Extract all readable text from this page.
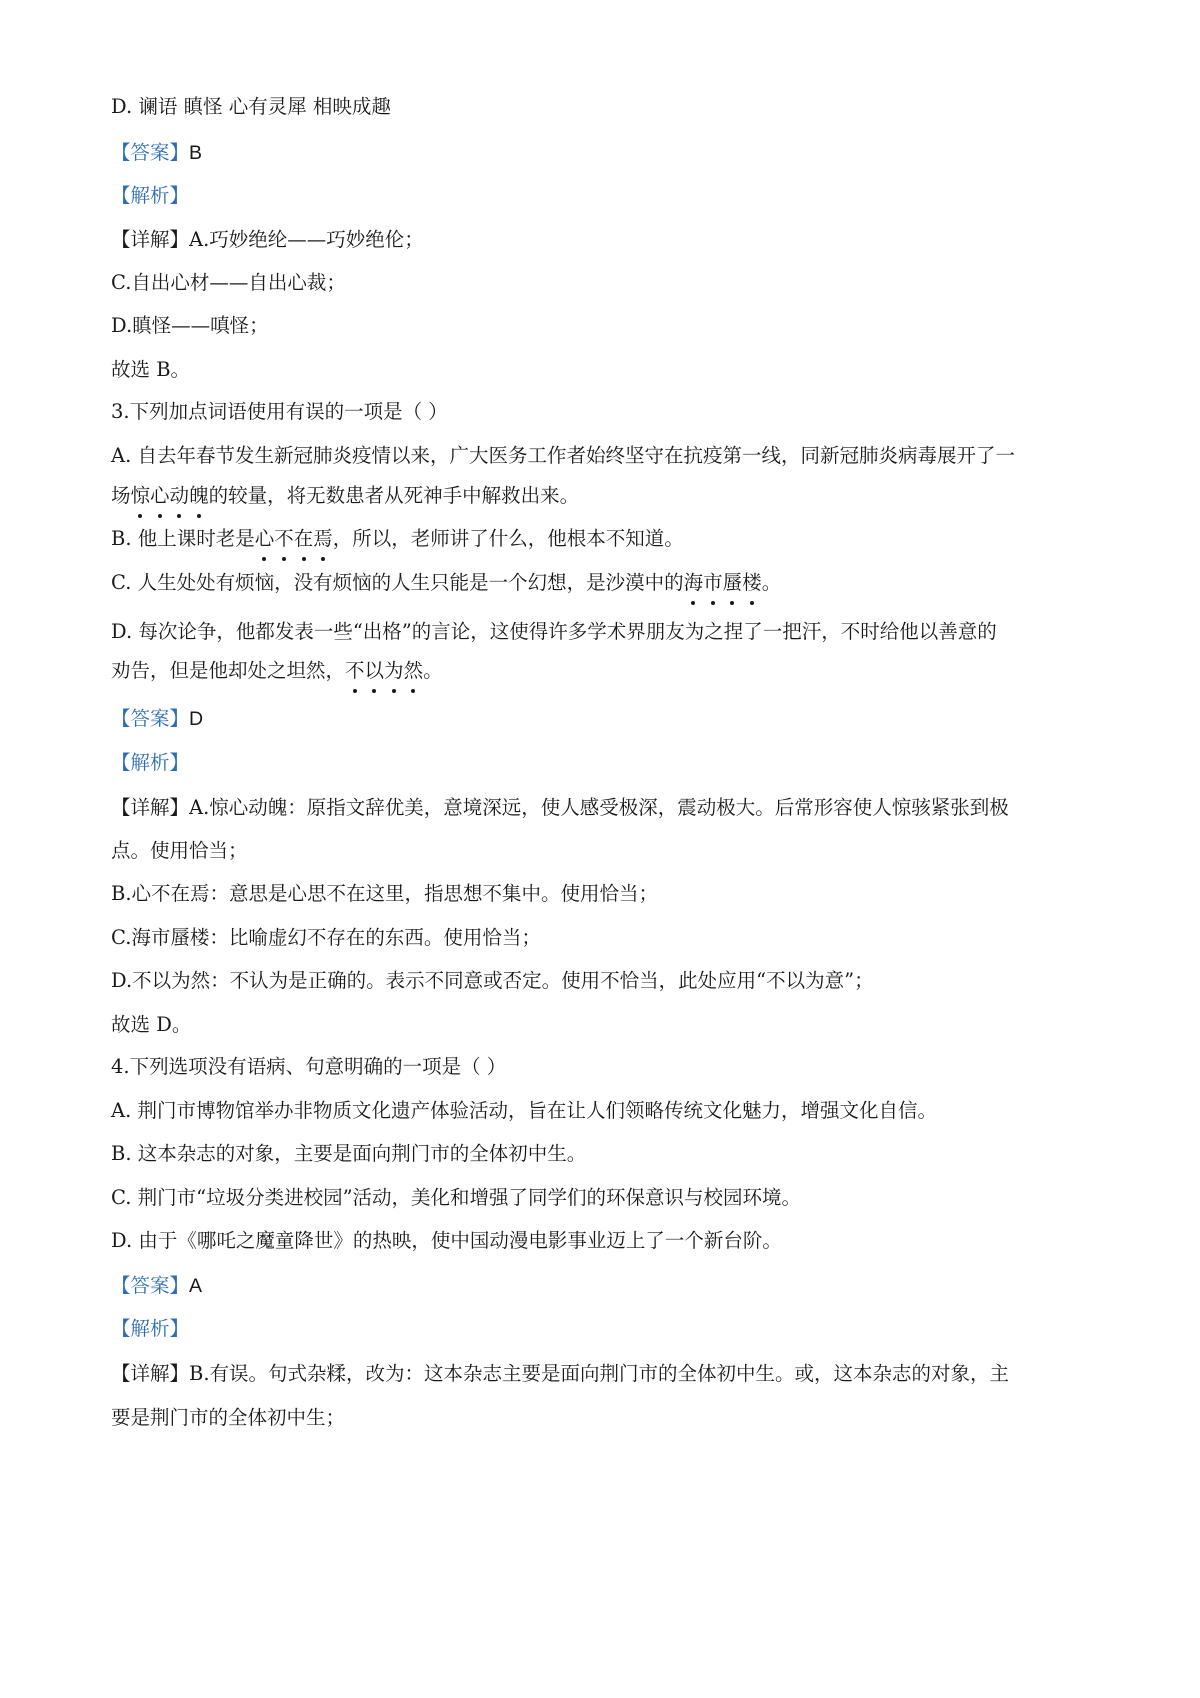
D. 谰语 瞋怪 心有灵犀 相映成趣
【答案】B
【解析】
【详解】A.巧妙绝纶——巧妙绝伦；
C.自出心材——自出心裁；
D.瞋怪——嗔怪；
故选 B。
3.下列加点词语使用有误的一项是（ ）
A. 自去年春节发生新冠肺炎疫情以来，广大医务工作者始终坚守在抗疫第一线，同新冠肺炎病毒展开了一
场惊心动魄的较量，将无数患者从死神手中解救出来。
B. 他上课时老是心不在焉，所以，老师讲了什么，他根本不知道。
C. 人生处处有烦恼，没有烦恼的人生只能是一个幻想，是沙漠中的海市蜃楼。
D. 每次论争，他都发表一些“出格”的言论，这使得许多学术界朋友为之捏了一把汗，不时给他以善意的
劝告，但是他却处之坦然，不以为然。
【答案】D
【解析】
【详解】A.惊心动魄：原指文辞优美，意境深远，使人感受极深，震动极大。后常形容使人惊骇紧张到极
点。使用恰当；
B.心不在焉：意思是心思不在这里，指思想不集中。使用恰当；
C.海市蜃楼：比喻虚幻不存在的东西。使用恰当；
D.不以为然：不认为是正确的。表示不同意或否定。使用不恰当，此处应用“不以为意”；
故选 D。
4.下列选项没有语病、句意明确的一项是（ ）
A. 荆门市博物馆举办非物质文化遗产体验活动，旨在让人们领略传统文化魅力，增强文化自信。
B. 这本杂志的对象，主要是面向荆门市的全体初中生。
C. 荆门市“垃圾分类进校园”活动，美化和增强了同学们的环保意识与校园环境。
D. 由于《哪吒之魔童降世》的热映，使中国动漫电影事业迈上了一个新台阶。
【答案】A
【解析】
【详解】B.有误。句式杂糅，改为：这本杂志主要是面向荆门市的全体初中生。或，这本杂志的对象，主
要是荆门市的全体初中生；
